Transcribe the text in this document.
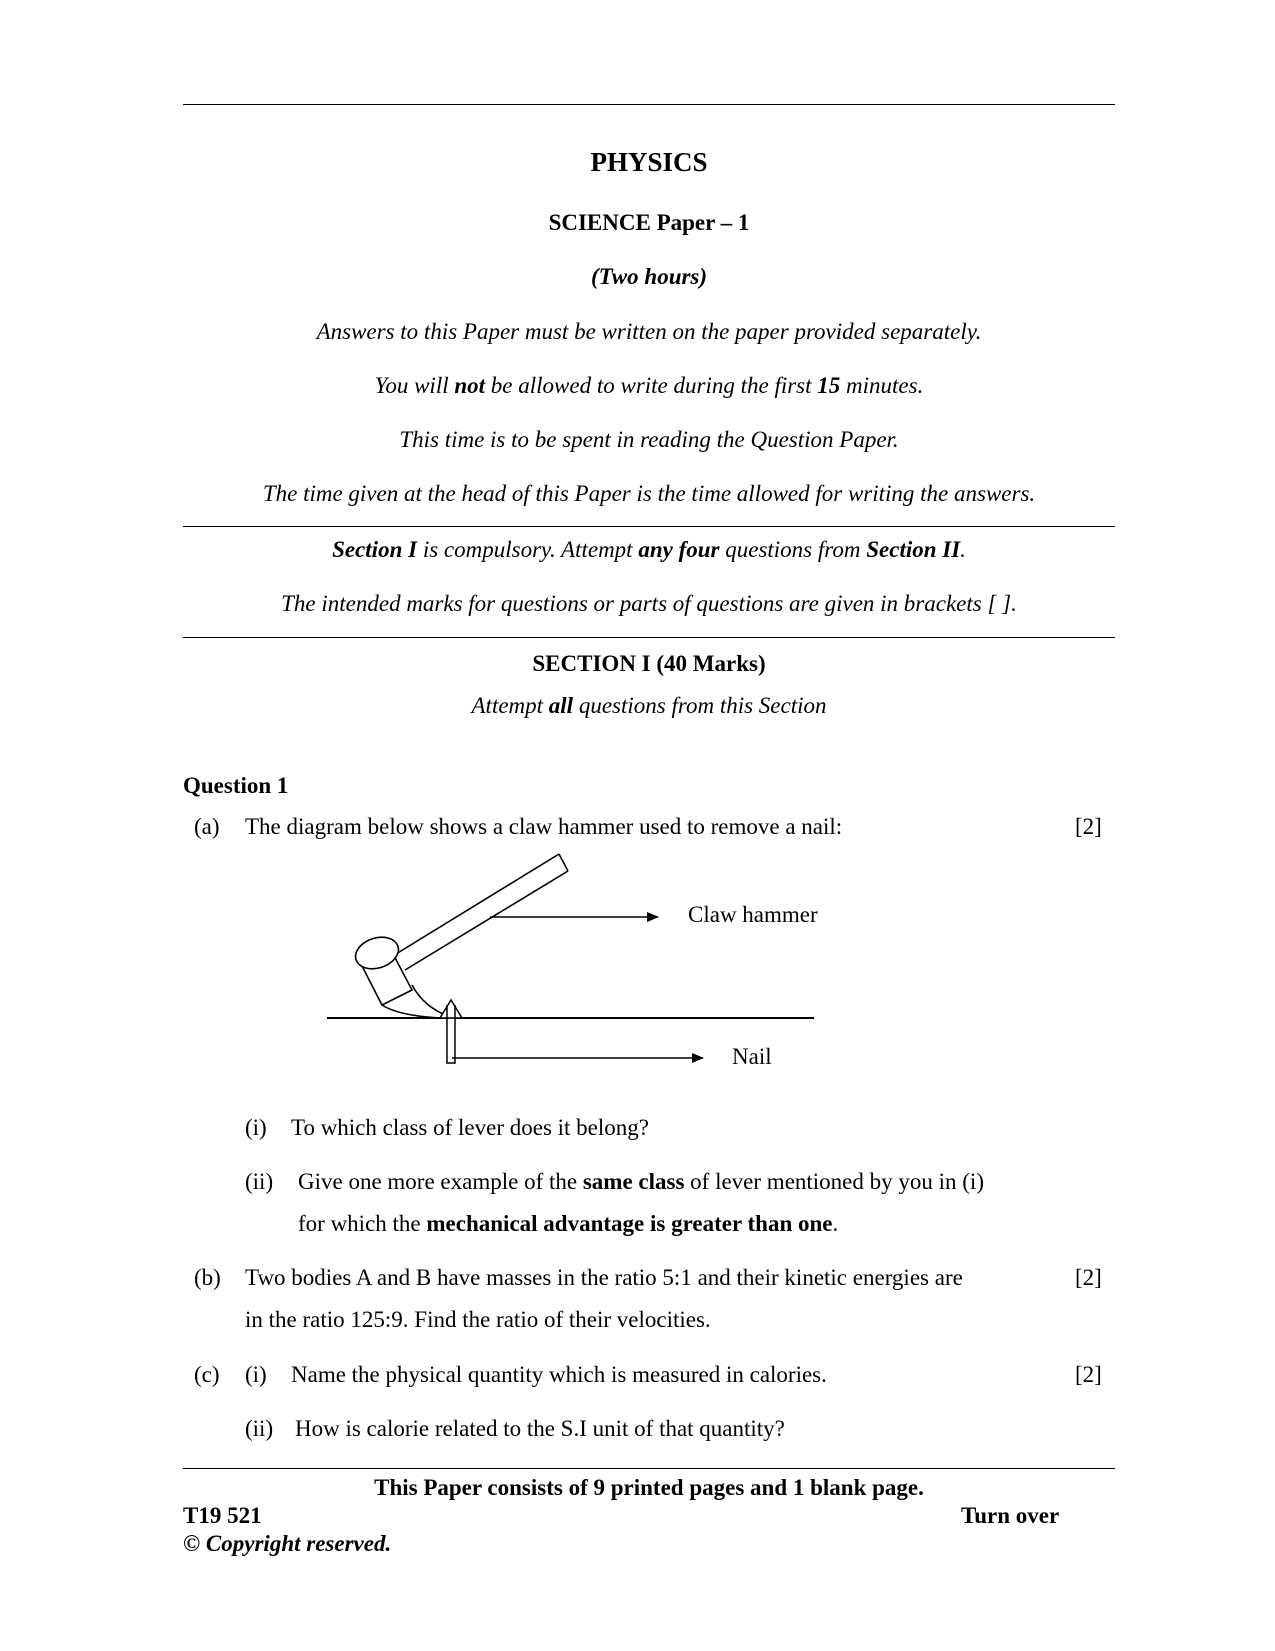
PHYSICS
SCIENCE Paper – 1
(Two hours)
Answers to this Paper must be written on the paper provided separately.
You will not be allowed to write during the first 15 minutes.
This time is to be spent in reading the Question Paper.
The time given at the head of this Paper is the time allowed for writing the answers.
Section I is compulsory. Attempt any four questions from Section II.
The intended marks for questions or parts of questions are given in brackets [ ].
SECTION I (40 Marks)
Attempt all questions from this Section
Question 1
(a) The diagram below shows a claw hammer used to remove a nail:	[2]
Claw hammer
Nail
(i) To which class of lever does it belong?
(ii) Give one more example of the same class of lever mentioned by you in (i)
for which the mechanical advantage is greater than one.
(b) Two bodies A and B have masses in the ratio 5:1 and their kinetic energies are	[2]
in the ratio 125:9. Find the ratio of their velocities.
(c) (i) Name the physical quantity which is measured in calories.	[2]
(ii) How is calorie related to the S.I unit of that quantity?
This Paper consists of 9 printed pages and 1 blank page.
T19 521	Turn over
© Copyright reserved.
